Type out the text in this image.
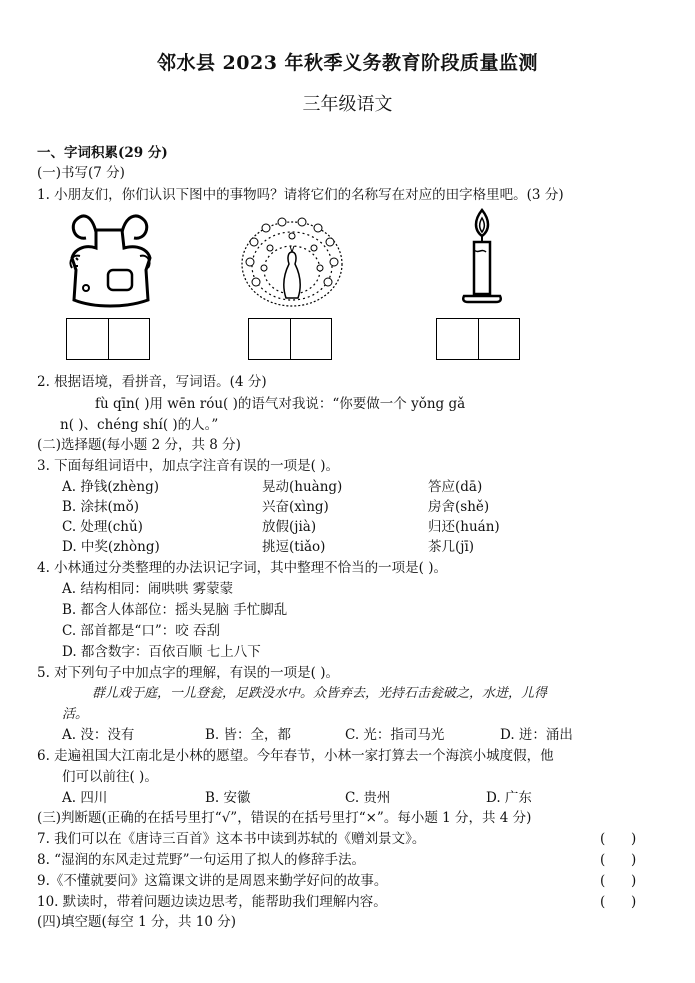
邻水县 2023 年秋季义务教育阶段质量监测
三年级语文
一、字词积累(29 分)
(一)书写(7 分)
1. 小朋友们，你们认识下图中的事物吗？请将它们的名称写在对应的田字格里吧。(3 分)
2. 根据语境，看拼音，写词语。(4 分)
fù qīn( )用 wēn róu( )的语气对我说：“你要做一个 yǒng gǎ
n( )、chéng shí( )的人。”
(二)选择题(每小题 2 分，共 8 分)
3. 下面每组词语中，加点字注音有误的一项是( )。
A. 挣钱(zhèng)	晃动(huàng)	答应(dā)
B. 涂抹(mǒ)	兴奋(xìng)	房舍(shě)
C. 处理(chǔ)	放假(jià)	归还(huán)
D. 中奖(zhòng)	挑逗(tiǎo)	茶几(jī)
4. 小林通过分类整理的办法识记字词，其中整理不恰当的一项是( )。
A. 结构相同：闹哄哄 雾蒙蒙
B. 都含人体部位：摇头晃脑 手忙脚乱
C. 部首都是“口”：咬 吞刮
D. 都含数字：百依百顺 七上八下
5. 对下列句子中加点字的理解，有误的一项是( )。
群儿戏于庭，一儿登瓮，足跌没水中。众皆弃去，光持石击瓮破之，水迸，儿得
活。
A. 没：没有	B. 皆：全，都	C. 光：指司马光	D. 迸：涌出
6. 走遍祖国大江南北是小林的愿望。今年春节，小林一家打算去一个海滨小城度假，他
们可以前往( )。
A. 四川	B. 安徽	C. 贵州	D. 广东
(三)判断题(正确的在括号里打“√”，错误的在括号里打“×”。每小题 1 分，共 4 分)
7. 我们可以在《唐诗三百首》这本书中读到苏轼的《赠刘景文》。	(      )
8. “湿润的东风走过荒野”一句运用了拟人的修辞手法。	(      )
9.《不懂就要问》这篇课文讲的是周恩来勤学好问的故事。	(      )
10. 默读时，带着问题边读边思考，能帮助我们理解内容。	(      )
(四)填空题(每空 1 分，共 10 分)
